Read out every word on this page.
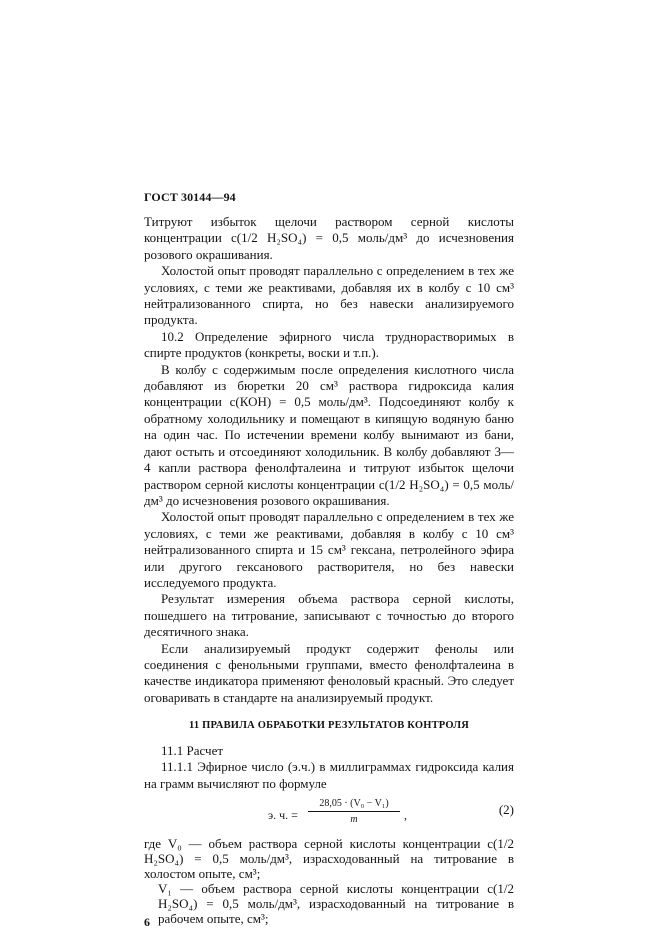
ГОСТ 30144—94

Титруют избыток щелочи раствором серной кислоты концентрации с(1/2 H₂SO₄) = 0,5 моль/дм³ до исчезновения розового окрашивания.

Холостой опыт проводят параллельно с определением в тех же условиях, с теми же реактивами, добавляя их в колбу с 10 см³ нейтрализованного спирта, но без навески анализируемого продукта.

10.2 Определение эфирного числа труднорастворимых в спирте продуктов (конкреты, воски и т.п.).

В колбу с содержимым после определения кислотного числа добавляют из бюретки 20 см³ раствора гидроксида калия концентрации с(КОН) = 0,5 моль/дм³. Подсоединяют колбу к обратному холодильнику и помещают в кипящую водяную баню на один час. По истечении времени колбу вынимают из бани, дают остыть и отсоединяют холодильник. В колбу добавляют 3—4 капли раствора фенолфталеина и титруют избыток щелочи раствором серной кислоты концентрации с(1/2 H₂SO₄) = 0,5 моль/дм³ до исчезновения розового окрашивания.

Холостой опыт проводят параллельно с определением в тех же условиях, с теми же реактивами, добавляя в колбу с 10 см³ нейтрализованного спирта и 15 см³ гексана, петролейного эфира или другого гексанового растворителя, но без навески исследуемого продукта.

Результат измерения объема раствора серной кислоты, пошедшего на титрование, записывают с точностью до второго десятичного знака.

Если анализируемый продукт содержит фенолы или соединения с фенольными группами, вместо фенолфталеина в качестве индикатора применяют феноловый красный. Это следует оговаривать в стандарте на анализируемый продукт.

11 ПРАВИЛА ОБРАБОТКИ РЕЗУЛЬТАТОВ КОНТРОЛЯ

11.1 Расчет

11.1.1 Эфирное число (э.ч.) в миллиграммах гидроксида калия на грамм вычисляют по формуле

э. ч. = $\frac{\text{28,05 · (V₀ − V₁)}}{m}$ ,	(2)

где V₀ — объем раствора серной кислоты концентрации с(1/2 H₂SO₄) = 0,5 моль/дм³, израсходованный на титрование в холостом опыте, см³;

V₁ — объем раствора серной кислоты концентрации с(1/2 H₂SO₄) = 0,5 моль/дм³, израсходованный на титрование в рабочем опыте, см³;

6
